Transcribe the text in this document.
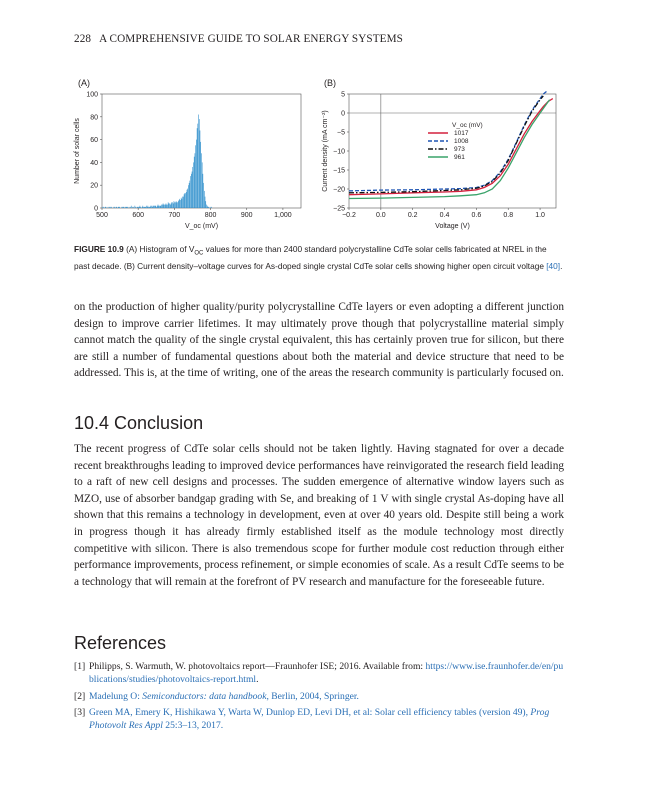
228 A COMPREHENSIVE GUIDE TO SOLAR ENERGY SYSTEMS
(A)
0
20
40
60
80
100
500	600	700	800	900	1,000
V_oc (mV)
Number of solar cells
(B)
5
0
−5
−10
−15
−20
−25
−0.2	0.0	0.2	0.4	0.6	0.8	1.0
V_oc (mV)
1017
1008
973
961
Voltage (V)
Current density (mA cm⁻²)
FIGURE 10.9 (A) Histogram of $V_{OC}$ values for more than 2400 standard polycrystalline CdTe solar cells fabricated at NREL in the past decade. (B) Current density–voltage curves for As-doped single crystal CdTe solar cells showing higher open circuit voltage [40].

on the production of higher quality/purity polycrystalline CdTe layers or even adopting a different junction design to improve carrier lifetimes. It may ultimately prove though that polycrystalline material simply cannot match the quality of the single crystal equivalent, this has certainly proven true for silicon, but there are still a number of fundamental questions about both the material and device structure that need to be addressed. This is, at the time of writing, one of the areas the research community is particularly focused on.

10.4 Conclusion

The recent progress of CdTe solar cells should not be taken lightly. Having stagnated for over a decade recent breakthroughs leading to improved device performances have reinvigorated the research field leading to a raft of new cell designs and processes. The sudden emergence of alternative window layers such as MZO, use of absorber bandgap grading with Se, and breaking of 1 V with single crystal As-doping have all shown that this remains a technology in development, even at over 40 years old. Despite still being a work in progress though it has already firmly established itself as the module technology most directly competitive with silicon. There is also tremendous scope for further module cost reduction through either performance improvements, process refinement, or simple economies of scale. As a result CdTe seems to be a technology that will remain at the forefront of PV research and manufacture for the foreseeable future.

References
[1] Philipps, S. Warmuth, W. photovoltaics report—Fraunhofer ISE; 2016. Available from: https://www.ise.fraunhofer.de/en/publications/studies/photovoltaics-report.html.
[2] Madelung O: Semiconductors: data handbook, Berlin, 2004, Springer.
[3] Green MA, Emery K, Hishikawa Y, Warta W, Dunlop ED, Levi DH, et al: Solar cell efficiency tables (version 49), Prog Photovolt Res Appl 25:3–13, 2017.
